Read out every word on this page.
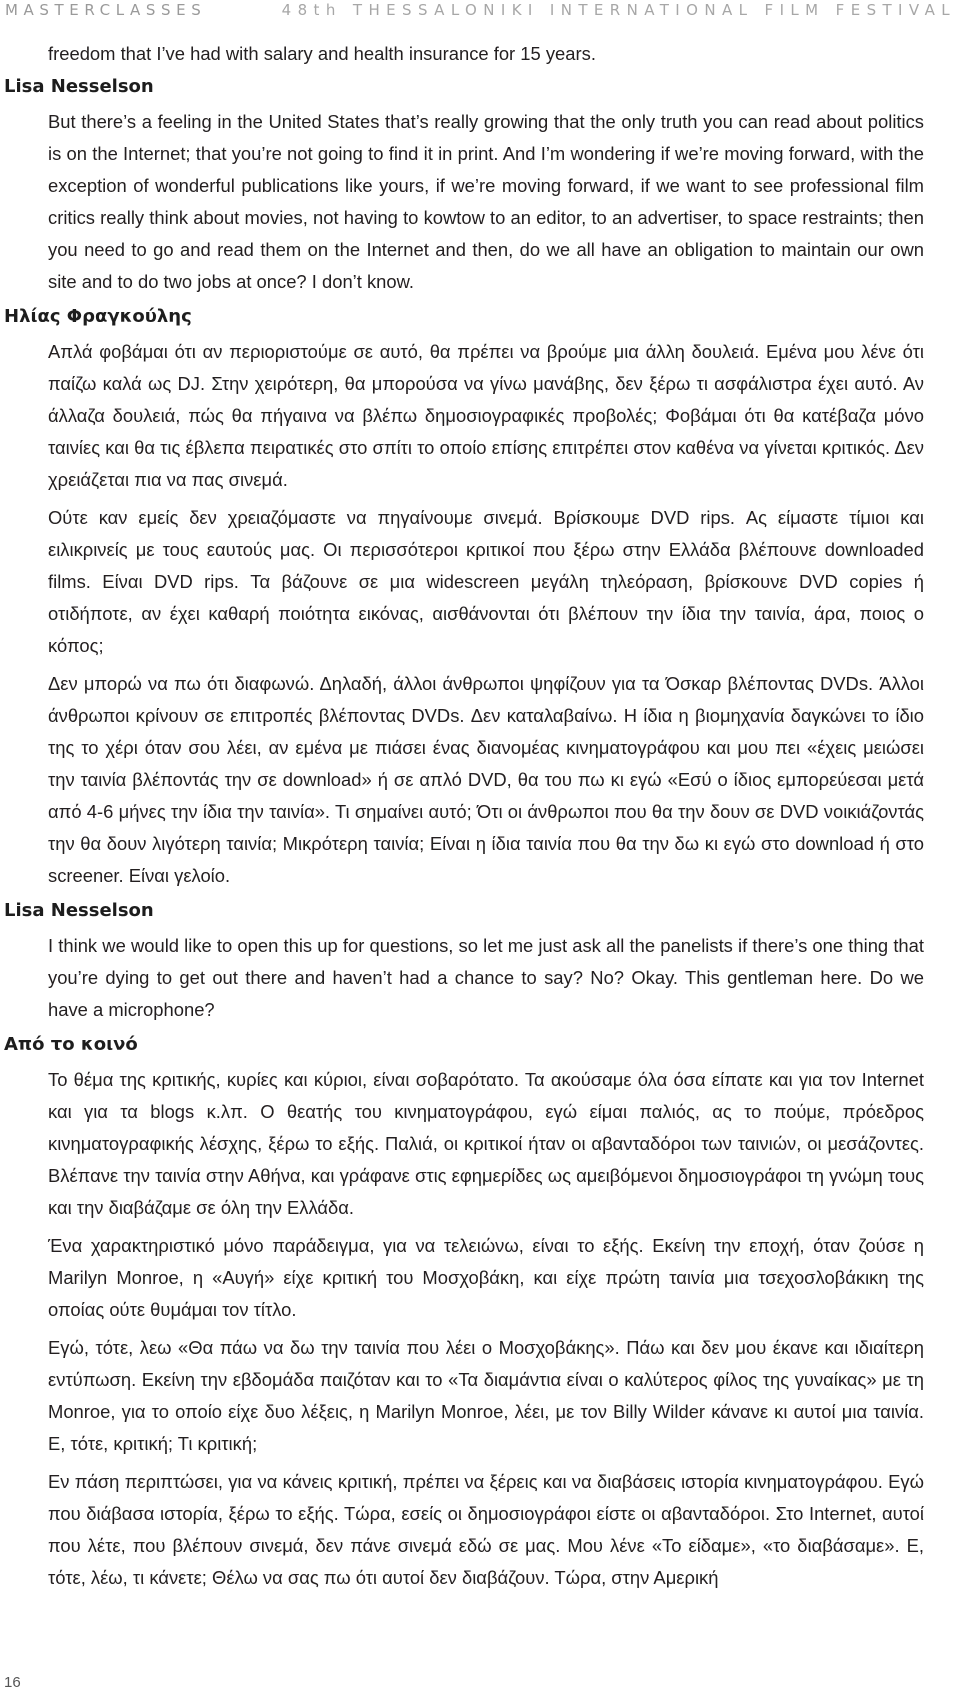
MASTERCLASSES	48th THESSALONIKI INTERNATIONAL FILM FESTIVAL
freedom that I’ve had with salary and health insurance for 15 years.
Lisa Nesselson
But there’s a feeling in the United States that’s really growing that the only truth you can read about politics is on the Internet; that you’re not going to find it in print. And I’m wondering if we’re moving forward, with the exception of wonderful publications like yours, if we’re moving forward, if we want to see professional film critics really think about movies, not having to kowtow to an editor, to an advertiser, to space restraints; then you need to go and read them on the Internet and then, do we all have an obligation to maintain our own site and to do two jobs at once? I don’t know.
Ηλίας Φραγκούλης
Απλά φοβάμαι ότι αν περιοριστούμε σε αυτό, θα πρέπει να βρούμε μια άλλη δουλειά. Εμένα μου λένε ότι παίζω καλά ως DJ. Στην χειρότερη, θα μπορούσα να γίνω μανάβης, δεν ξέρω τι ασφάλιστρα έχει αυτό. Αν άλλαζα δουλειά, πώς θα πήγαινα να βλέπω δημοσιογραφικές προβολές; Φοβάμαι ότι θα κατέβαζα μόνο ταινίες και θα τις έβλεπα πειρατικές στο σπίτι το οποίο επίσης επιτρέπει στον καθένα να γίνεται κριτικός. Δεν χρειάζεται πια να πας σινεμά.
Ούτε καν εμείς δεν χρειαζόμαστε να πηγαίνουμε σινεμά. Βρίσκουμε DVD rips. Ας είμαστε τίμιοι και ειλικρινείς με τους εαυτούς μας. Οι περισσότεροι κριτικοί που ξέρω στην Ελλάδα βλέπουνε downloaded films. Είναι DVD rips. Τα βάζουνε σε μια widescreen μεγάλη τηλεόραση, βρίσκουνε DVD copies ή οτιδήποτε, αν έχει καθαρή ποιότητα εικόνας, αισθάνονται ότι βλέπουν την ίδια την ταινία, άρα, ποιος ο κόπος;
Δεν μπορώ να πω ότι διαφωνώ. Δηλαδή, άλλοι άνθρωποι ψηφίζουν για τα Όσκαρ βλέποντας DVDs. Άλλοι άνθρωποι κρίνουν σε επιτροπές βλέποντας DVDs. Δεν καταλαβαίνω. Η ίδια η βιομηχανία δαγκώνει το ίδιο της το χέρι όταν σου λέει, αν εμένα με πιάσει ένας διανομέας κινηματογράφου και μου πει «έχεις μειώσει την ταινία βλέποντάς την σε download» ή σε απλό DVD, θα του πω κι εγώ «Εσύ ο ίδιος εμπορεύεσαι μετά από 4-6 μήνες την ίδια την ταινία». Τι σημαίνει αυτό; Ότι οι άνθρωποι που θα την δουν σε DVD νοικιάζοντάς την θα δουν λιγότερη ταινία; Μικρότερη ταινία; Είναι η ίδια ταινία που θα την δω κι εγώ στο download ή στο screener. Είναι γελοίο.
Lisa Nesselson
I think we would like to open this up for questions, so let me just ask all the panelists if there’s one thing that you’re dying to get out there and haven’t had a chance to say? No? Okay. This gentleman here. Do we have a microphone?
Από το κοινό
Το θέμα της κριτικής, κυρίες και κύριοι, είναι σοβαρότατο. Τα ακούσαμε όλα όσα είπατε και για τον Internet και για τα blogs κ.λπ. Ο θεατής του κινηματογράφου, εγώ είμαι παλιός, ας το πούμε, πρόεδρος κινηματογραφικής λέσχης, ξέρω το εξής. Παλιά, οι κριτικοί ήταν οι αβανταδόροι των ταινιών, οι μεσάζοντες. Βλέπανε την ταινία στην Αθήνα, και γράφανε στις εφημερίδες ως αμειβόμενοι δημοσιογράφοι τη γνώμη τους και την διαβάζαμε σε όλη την Ελλάδα.
Ένα χαρακτηριστικό μόνο παράδειγμα, για να τελειώνω, είναι το εξής. Εκείνη την εποχή, όταν ζούσε η Marilyn Monroe, η «Αυγή» είχε κριτική του Μοσχοβάκη, και είχε πρώτη ταινία μια τσεχοσλοβάκικη της οποίας ούτε θυμάμαι τον τίτλο.
Εγώ, τότε, λεω «Θα πάω να δω την ταινία που λέει ο Μοσχοβάκης». Πάω και δεν μου έκανε και ιδιαίτερη εντύπωση. Εκείνη την εβδομάδα παιζόταν και το «Τα διαμάντια είναι ο καλύτερος φίλος της γυναίκας» με τη Monroe, για το οποίο είχε δυο λέξεις, η Marilyn Monroe, λέει, με τον Billy Wilder κάνανε κι αυτοί μια ταινία. Ε, τότε, κριτική; Τι κριτική;
Εν πάση περιπτώσει, για να κάνεις κριτική, πρέπει να ξέρεις και να διαβάσεις ιστορία κινηματογράφου. Εγώ που διάβασα ιστορία, ξέρω το εξής. Τώρα, εσείς οι δημοσιογράφοι είστε οι αβανταδόροι. Στο Internet, αυτοί που λέτε, που βλέπουν σινεμά, δεν πάνε σινεμά εδώ σε μας. Μου λένε «Το είδαμε», «το διαβάσαμε». Ε, τότε, λέω, τι κάνετε; Θέλω να σας πω ότι αυτοί δεν διαβάζουν. Τώρα, στην Αμερική
16
